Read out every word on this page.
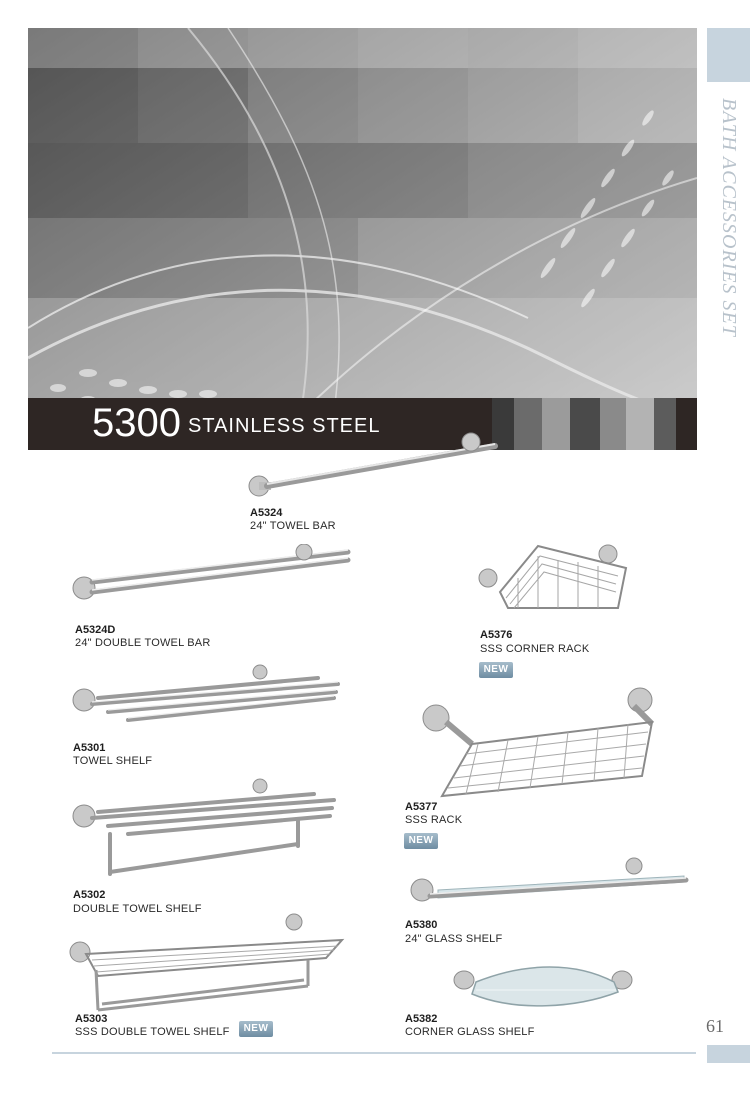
5300 STAINLESS STEEL
BATH ACCESSORIES SET
A5324
24" TOWEL BAR
A5324D
24" DOUBLE TOWEL BAR
A5376
SSS CORNER RACK
NEW
A5301
TOWEL SHELF
A5377
SSS RACK
NEW
A5302
DOUBLE TOWEL SHELF
A5380
24" GLASS SHELF
A5303
SSS DOUBLE TOWEL SHELF	NEW
A5382
CORNER GLASS SHELF	61
